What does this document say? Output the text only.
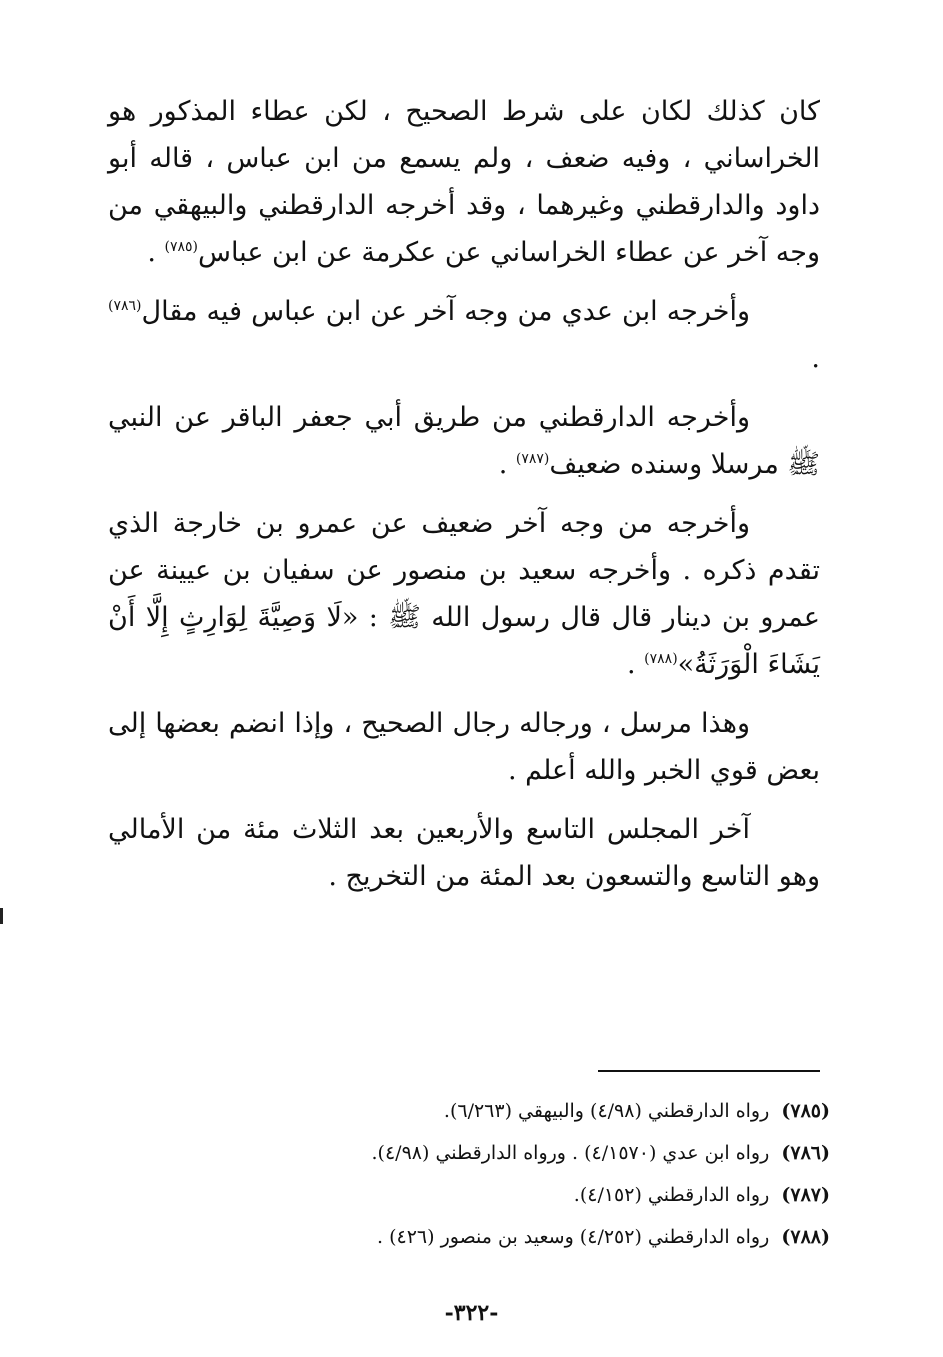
كان كذلك لكان على شرط الصحيح ، لكن عطاء المذكور هو الخراساني ، وفيه ضعف ، ولم يسمع من ابن عباس ، قاله أبو داود والدارقطني وغيرهما ، وقد أخرجه الدارقطني والبيهقي من وجه آخر عن عطاء الخراساني عن عكرمة عن ابن عباس$^{(٧٨٥)}$ .

وأخرجه ابن عدي من وجه آخر عن ابن عباس فيه مقال$^{(٧٨٦)}$ .

وأخرجه الدارقطني من طريق أبي جعفر الباقر عن النبي ﷺ مرسلا وسنده ضعيف$^{(٧٨٧)}$ .

وأخرجه من وجه آخر ضعيف عن عمرو بن خارجة الذي تقدم ذكره . وأخرجه سعيد بن منصور عن سفيان بن عيينة عن عمرو بن دينار قال قال رسول الله ﷺ : «لَا وَصِيَّةَ لِوَارِثٍ إِلَّا أَنْ يَشَاءَ الْوَرَثَةُ»$^{(٧٨٨)}$ .

وهذا مرسل ، ورجاله رجال الصحيح ، وإذا انضم بعضها إلى بعض قوي الخبر والله أعلم .

آخر المجلس التاسع والأربعين بعد الثلاث مئة من الأمالي وهو التاسع والتسعون بعد المئة من التخريج .

(٧٨٥)  رواه الدارقطني (٤/٩٨) والبيهقي (٦/٢٦٣).

(٧٨٦)  رواه ابن عدي (٤/١٥٧٠) . ورواه الدارقطني (٤/٩٨).

(٧٨٧)  رواه الدارقطني (٤/١٥٢).

(٧٨٨)  رواه الدارقطني (٤/٢٥٢) وسعيد بن منصور (٤٢٦) .

-٣٢٢-
